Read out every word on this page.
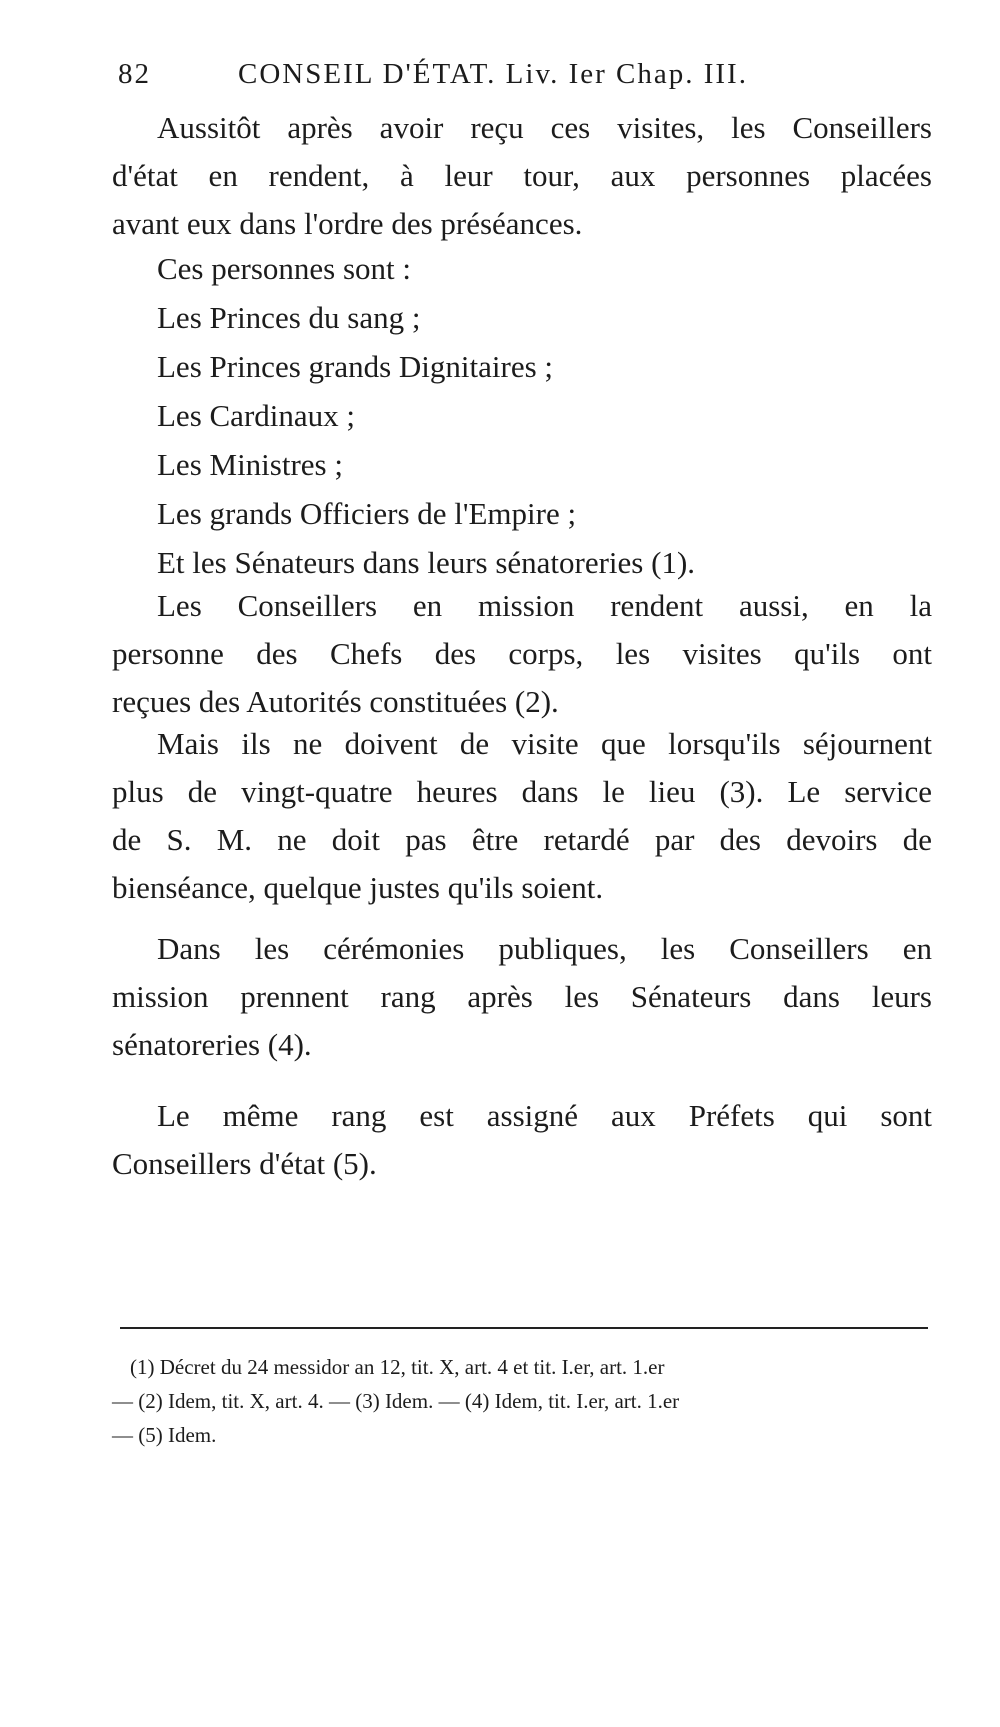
82	CONSEIL D'ÉTAT. Liv. Ier Chap. III.
Aussitôt après avoir reçu ces visites, les Conseillers
d'état en rendent, à leur tour, aux personnes placées
avant eux dans l'ordre des préséances.
Ces personnes sont :
Les Princes du sang ;
Les Princes grands Dignitaires ;
Les Cardinaux ;
Les Ministres ;
Les grands Officiers de l'Empire ;
Et les Sénateurs dans leurs sénatoreries (1).
Les Conseillers en mission rendent aussi, en la
personne des Chefs des corps, les visites qu'ils ont
reçues des Autorités constituées (2).
Mais ils ne doivent de visite que lorsqu'ils séjournent
plus de vingt-quatre heures dans le lieu (3). Le service
de S. M. ne doit pas être retardé par des devoirs de
bienséance, quelque justes qu'ils soient.
Dans les cérémonies publiques, les Conseillers en
mission prennent rang après les Sénateurs dans leurs
sénatoreries (4).
Le même rang est assigné aux Préfets qui sont
Conseillers d'état (5).
(1) Décret du 24 messidor an 12, tit. X, art. 4 et tit. I.er, art. 1.er
— (2) Idem, tit. X, art. 4. — (3) Idem. — (4) Idem, tit. I.er, art. 1.er
— (5) Idem.
